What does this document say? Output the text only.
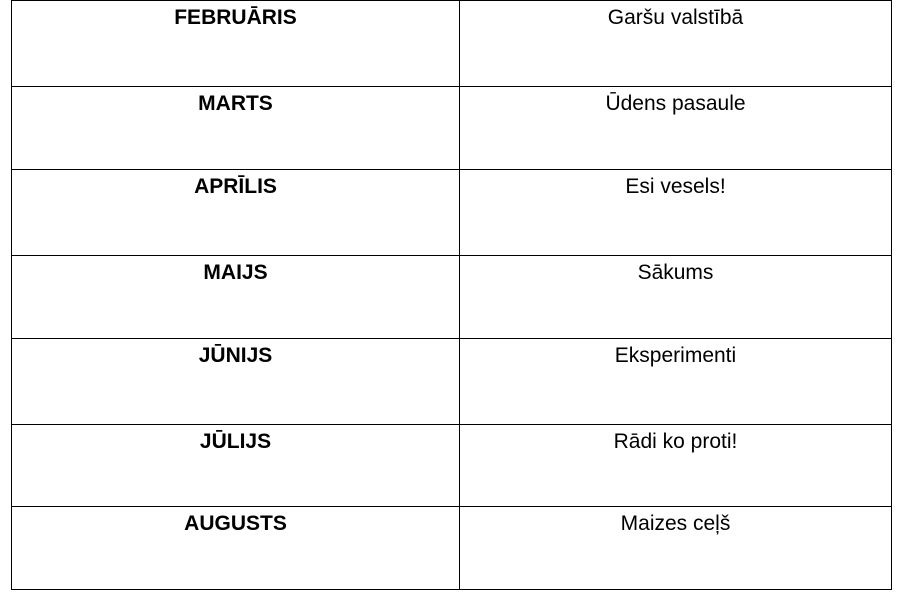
FEBRUĀRIS	Garšu valstībā
MARTS	Ūdens pasaule
APRĪLIS	Esi vesels!
MAIJS	Sākums
JŪNIJS	Eksperimenti
JŪLIJS	Rādi ko proti!
AUGUSTS	Maizes ceļš
